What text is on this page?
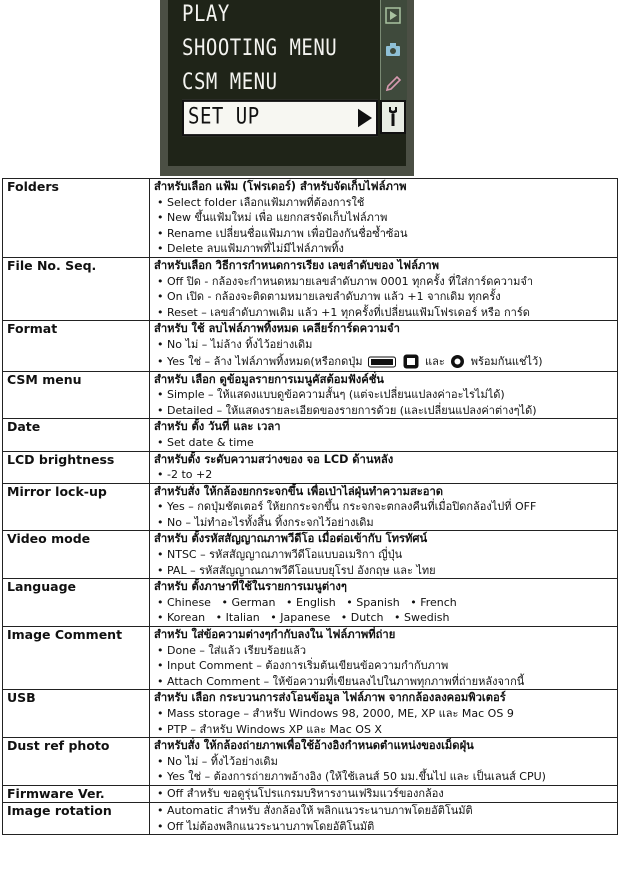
PLAY
SHOOTING MENU
CSM MENU
SET UP
Folders	สำหรับเลือก แฟ้ม (โฟรเดอร์) สำหรับจัดเก็บไฟล์ภาพ
• Select folder เลือกแฟ้มภาพที่ต้องการใช้
• New ขึ้นแฟ้มใหม่ เพื่อ แยกกสรจัดเก็บไฟล์ภาพ
• Rename เปลี่ยนชื่อแฟ้มภาพ เพื่อป้องกันชื่อซ้ำซ้อน
• Delete ลบแฟ้มภาพที่ไม่มีไฟล์ภาพทิ้ง

File No. Seq.	สำหรับเลือก วิธีการกำหนดการเรียง เลขลำดับของ ไฟล์ภาพ
• Off ปิด - กล้องจะกำหนดหมายเลขลำดับภาพ 0001 ทุกครั้ง ที่ใส่การ์ดความจำ
• On เปิด - กล้องจะติดตามหมายเลขลำดับภาพ แล้ว +1 จากเดิม ทุกครั้ง
• Reset – เลขลำดับภาพเดิม แล้ว +1 ทุกครั้งที่เปลี่ยนแฟ้มโฟรเดอร์ หรือ การ์ด

Format	สำหรับ ใช้ ลบไฟล์ภาพทิ้งหมด เคลียร์การ์ดความจำ
• No ไม่ – ไม่ล้าง ทิ้งไว้อย่างเดิม
• Yes ใช่ – ล้าง ไฟล์ภาพทิ้งหมด(หรือกดปุ่ม และ พร้อมกันแช่ไว้)

CSM menu	สำหรับ เลือก ดูข้อมูลรายการเมนูคัสต้อมฟังค์ชั่น
• Simple – ให้แสดงแบบดูข้อความสั้นๆ (แต่จะเปลี่ยนแปลงค่าอะไรไม่ได้)
• Detailed – ให้แสดงรายละเอียดของรายการด้วย (และเปลี่ยนแปลงค่าต่างๆได้)

Date	สำหรับ ตั้ง วันที่ และ เวลา
• Set date & time

LCD brightness	สำหรับตั้ง ระดับความสว่างของ จอ LCD ด้านหลัง
• -2 to +2

Mirror lock-up	สำหรับสั่ง ให้กล้องยกกระจกขึ้น เพื่อเป่าไล่ฝุ่นทำความสะอาด
• Yes – กดปุ่มชัตเตอร์ ให้ยกกระจกขึ้น กระจกจะตกลงคืนที่เมื่อปิดกล้องไปที่ OFF
• No – ไม่ทำอะไรทั้งสิ้น ทิ้งกระจกไว้อย่างเดิม

Video mode	สำหรับ ตั้งรหัสสัญญาณภาพวีดีโอ เมื่อต่อเข้ากับ โทรทัศน์
• NTSC – รหัสสัญญาณภาพวีดีโอแบบอเมริกา ญี่ปุ่น
• PAL – รหัสสัญญาณภาพวีดีโอแบบยุโรป อังกฤษ และ ไทย

Language	สำหรับ ตั้งภาษาที่ใช้ในรายการเมนูต่างๆ
• Chinese • German • English • Spanish • French
• Korean • Italian • Japanese • Dutch • Swedish

Image Comment	สำหรับ ใส่ข้อความต่างๆกำกับลงใน ไฟล์ภาพที่ถ่าย
• Done – ใส่แล้ว เรียบร้อยแล้ว
• Input Comment – ต้องการเริ่มต้นเขียนข้อความกำกับภาพ
• Attach Comment – ให้ข้อความที่เขียนลงไปในภาพทุกภาพที่ถ่ายหลังจากนี้

USB	สำหรับ เลือก กระบวนการส่งโอนข้อมูล ไฟล์ภาพ จากกล้องลงคอมพิวเตอร์
• Mass storage – สำหรับ Windows 98, 2000, ME, XP และ Mac OS 9
• PTP – สำหรับ Windows XP และ Mac OS X

Dust ref photo	สำหรับสั่ง ให้กล้องถ่ายภาพเพื่อใช้อ้างอิงกำหนดตำแหน่งของเม็ดฝุ่น
• No ไม่ – ทิ้งไว้อย่างเดิม
• Yes ใช่ – ต้องการถ่ายภาพอ้างอิง (ให้ใช้เลนส์ 50 มม.ขึ้นไป และ เป็นเลนส์ CPU)

Firmware Ver.	• Off สำหรับ ขอดูรุ่นโปรแกรมบริหารงานเฟริมแวร์ของกล้อง

Image rotation	• Automatic สำหรับ สั่งกล้องให้ พลิกแนวระนาบภาพโดยอัติโนมัติ
• Off ไม่ต้องพลิกแนวระนาบภาพโดยอัติโนมัติ
